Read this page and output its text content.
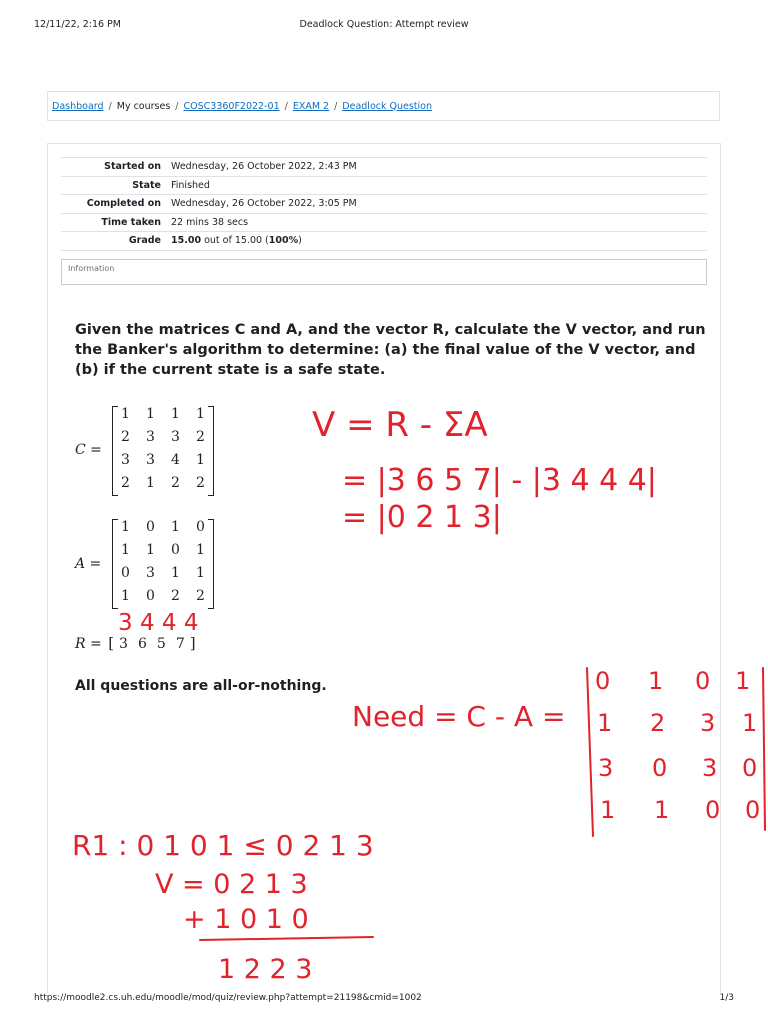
12/11/22, 2:16 PM	Deadlock Question: Attempt review
Dashboard / My courses / COSC3360F2022-01 / EXAM 2 / Deadlock Question
Started on	Wednesday, 26 October 2022, 2:43 PM
State	Finished
Completed on	Wednesday, 26 October 2022, 3:05 PM
Time taken	22 mins 38 secs
Grade	15.00 out of 15.00 (100%)
Information
Given the matrices C and A, and the vector R, calculate the V vector, and run the Banker's algorithm to determine: (a) the final value of the V vector, and (b) if the current state is a safe state.
C =
1	1	1	1
2	3	3	2
3	3	4	1
2	1	2	2
A =
1	0	1	0
1	1	0	1
0	3	1	1
1	0	2	2
R = [ 3 6 5 7 ]
All questions are all-or-nothing.
3 4 4 4
V = R - ΣA
= |3 6 5 7| - |3 4 4 4|
= |0 2 1 3|
Need = C - A =
0 1 0 1
1 2 3 1
3 0 3 0
1 1 0 0
R1 : 0 1 0 1 ≤ 0 2 1 3
V = 0 2 1 3
+ 1 0 1 0
1 2 2 3
https://moodle2.cs.uh.edu/moodle/mod/quiz/review.php?attempt=21198&cmid=1002	1/3
